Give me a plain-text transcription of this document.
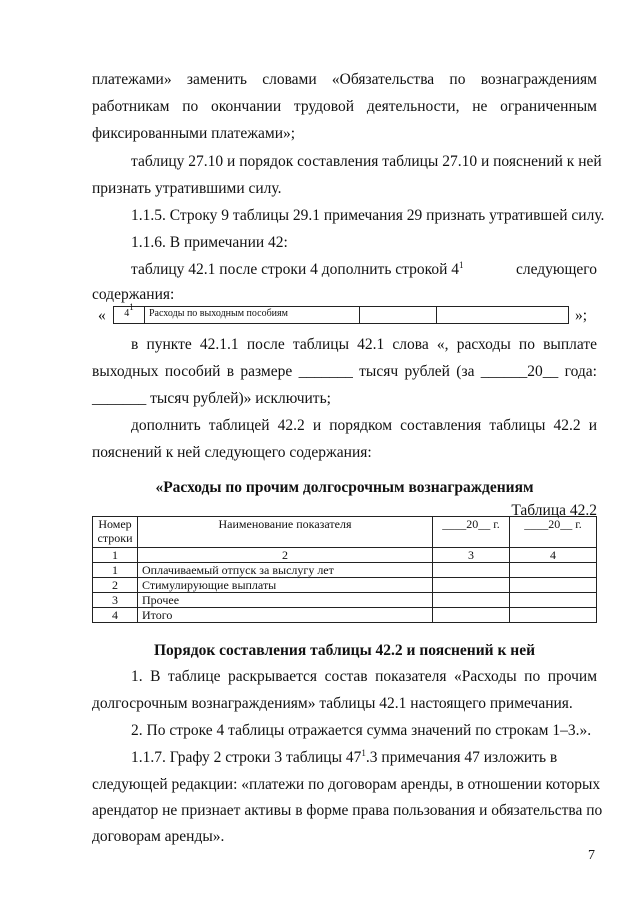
платежами» заменить словами «Обязательства по вознаграждениям
работникам по окончании трудовой деятельности, не ограниченным
фиксированными платежами»;
таблицу 27.10 и порядок составления таблицы 27.10 и пояснений к ней
признать утратившими силу.
1.1.5. Строку 9 таблицы 29.1 примечания 29 признать утратившей силу.
1.1.6. В примечании 42:
таблицу 42.1 после строки 4 дополнить строкой $4^1$	следующего
содержания:
« $4^1$	Расходы по выходным пособиям			»;
в пункте 42.1.1 после таблицы 42.1 слова «, расходы по выплате
выходных пособий в размере _______ тысяч рублей (за ______20__ года:
_______ тысяч рублей)» исключить;
дополнить таблицей 42.2 и порядком составления таблицы 42.2 и
пояснений к ней следующего содержания:
«Расходы по прочим долгосрочным вознаграждениям
Таблица 42.2
Номер строки	Наименование показателя	____20__ г.	____20__ г.
1	2	3	4
1	Оплачиваемый отпуск за выслугу лет		
2	Стимулирующие выплаты		
3	Прочее		
4	Итого		
Порядок составления таблицы 42.2 и пояснений к ней
1. В таблице раскрывается состав показателя «Расходы по прочим
долгосрочным вознаграждениям» таблицы 42.1 настоящего примечания.
2. По строке 4 таблицы отражается сумма значений по строкам 1–3.».
1.1.7. Графу 2 строки 3 таблицы $47^1.3$ примечания 47 изложить в
следующей редакции: «платежи по договорам аренды, в отношении которых
арендатор не признает активы в форме права пользования и обязательства по
договорам аренды».
7
